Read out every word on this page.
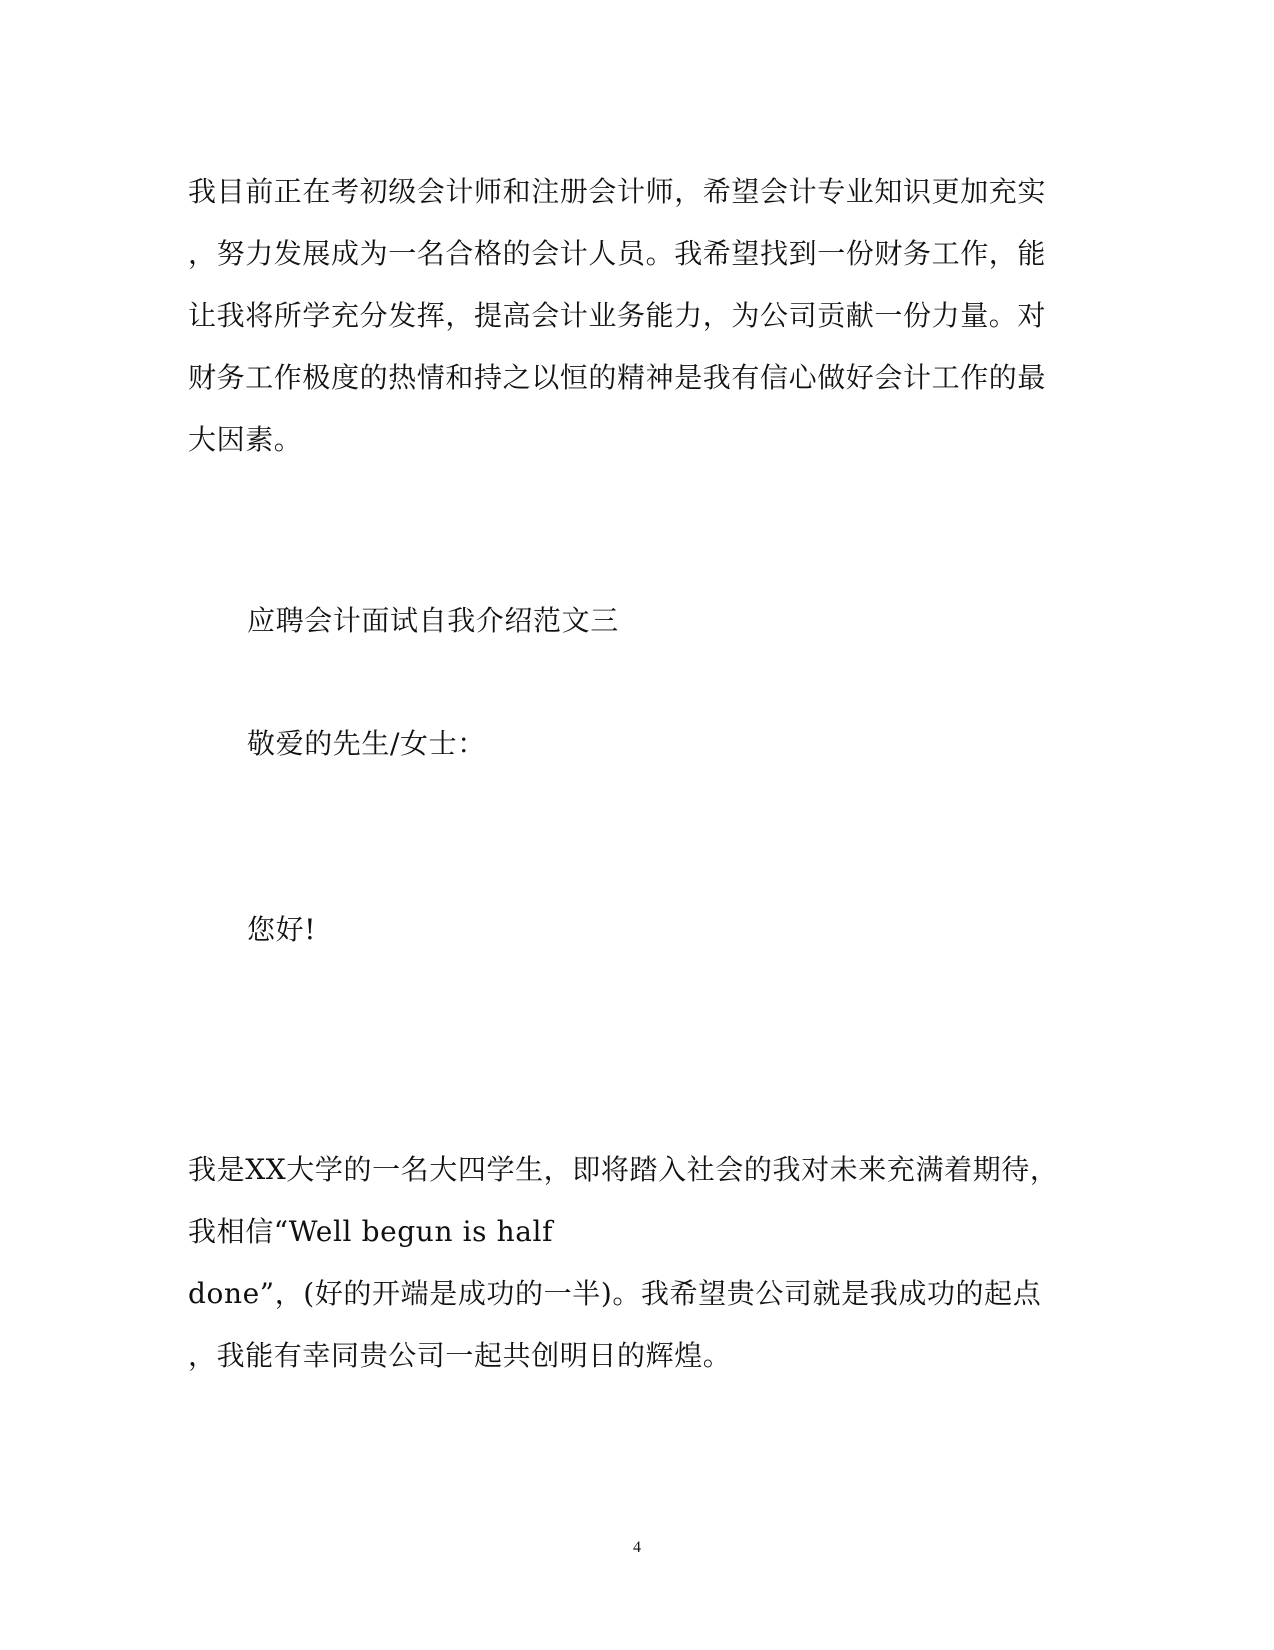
我目前正在考初级会计师和注册会计师，希望会计专业知识更加充实
，努力发展成为一名合格的会计人员。我希望找到一份财务工作，能
让我将所学充分发挥，提高会计业务能力，为公司贡献一份力量。对
财务工作极度的热情和持之以恒的精神是我有信心做好会计工作的最
大因素。
应聘会计面试自我介绍范文三
敬爱的先生/女士：
您好!
我是XX大学的一名大四学生，即将踏入社会的我对未来充满着期待，
我相信“Well begun is half
done”，(好的开端是成功的一半)。我希望贵公司就是我成功的起点
，我能有幸同贵公司一起共创明日的辉煌。
4
